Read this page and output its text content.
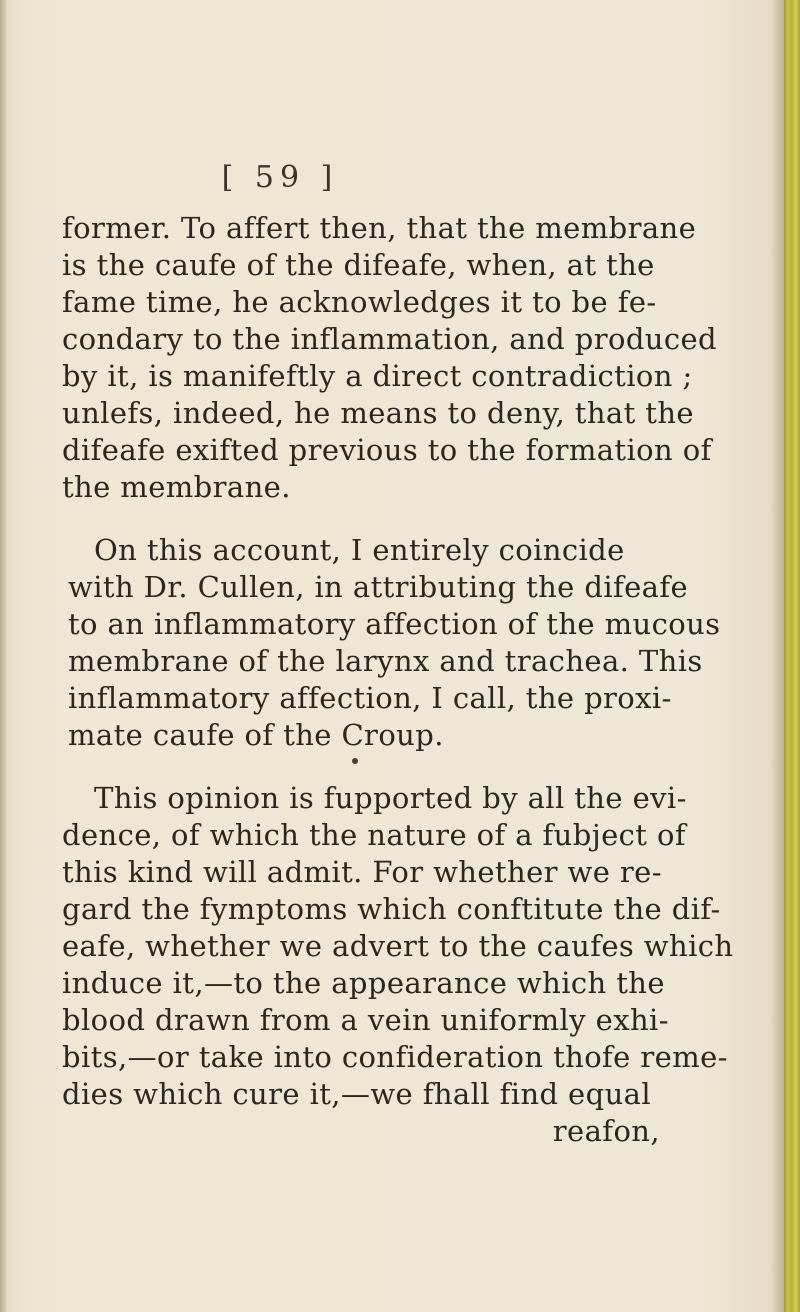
[ 59 ]
former. To affert then, that the membrane
is the caufe of the difeafe, when, at the
fame time, he acknowledges it to be fe-
condary to the inflammation, and produced
by it, is manifeftly a direct contradiction ;
unlefs, indeed, he means to deny, that the
difeafe exifted previous to the formation of
the membrane.
On this account, I entirely coincide
with Dr. Cullen, in attributing the difeafe
to an inflammatory affection of the mucous
membrane of the larynx and trachea. This
inflammatory affection, I call, the proxi-
mate caufe of the Croup.
This opinion is fupported by all the evi-
dence, of which the nature of a fubject of
this kind will admit. For whether we re-
gard the fymptoms which conftitute the dif-
eafe, whether we advert to the caufes which
induce it,—to the appearance which the
blood drawn from a vein uniformly exhi-
bits,—or take into confideration thofe reme-
dies which cure it,—we fhall find equal
reafon,
